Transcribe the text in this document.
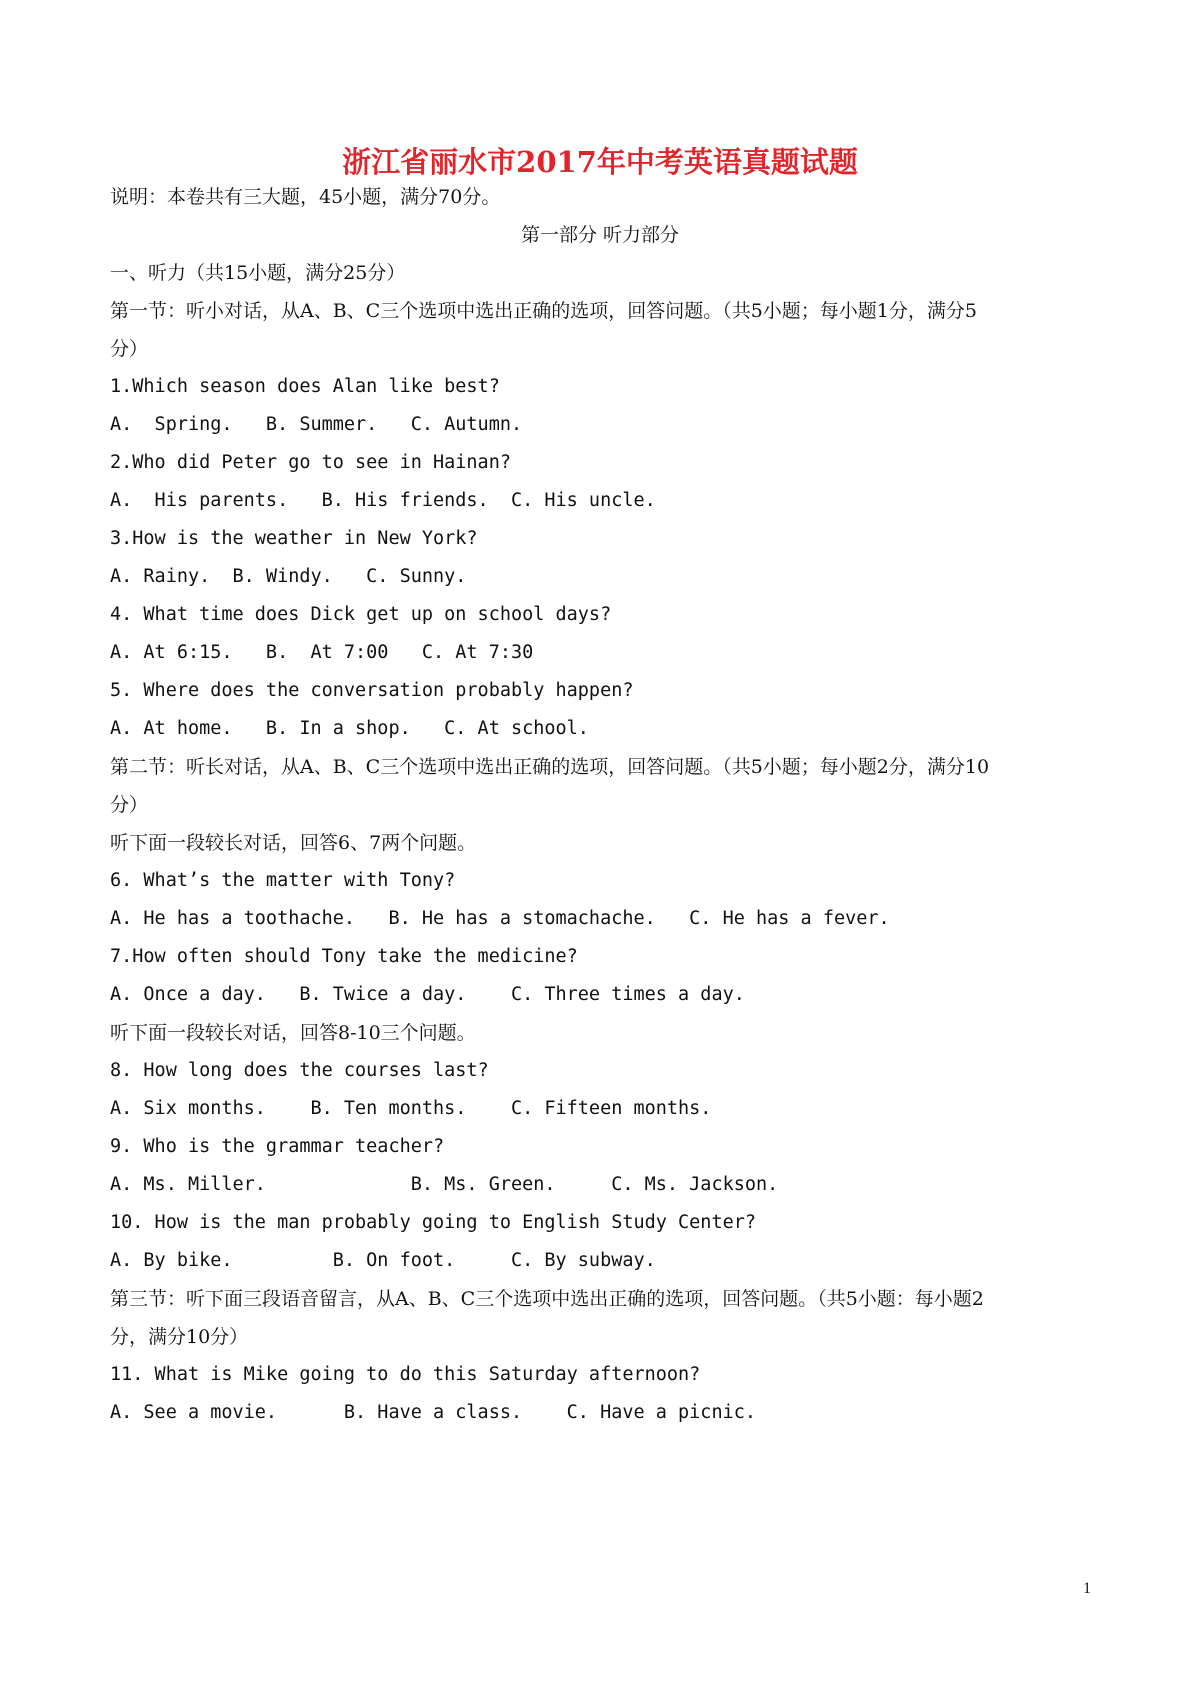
浙江省丽水市2017年中考英语真题试题
说明：本卷共有三大题，45小题，满分70分。
第一部分 听力部分
一、听力（共15小题，满分25分）
第一节：听小对话，从A、B、C三个选项中选出正确的选项，回答问题。（共5小题；每小题1分，满分5
分）
1.Which season does Alan like best?
A.  Spring.   B. Summer.   C. Autumn.
2.Who did Peter go to see in Hainan?
A.  His parents.   B. His friends.  C. His uncle.
3.How is the weather in New York?
A. Rainy.  B. Windy.   C. Sunny.
4. What time does Dick get up on school days?
A. At 6:15.   B.  At 7:00   C. At 7:30
5. Where does the conversation probably happen?
A. At home.   B. In a shop.   C. At school.
第二节：听长对话，从A、B、C三个选项中选出正确的选项，回答问题。（共5小题；每小题2分，满分10
分）
听下面一段较长对话，回答6、7两个问题。
6. What’s the matter with Tony?
A. He has a toothache.   B. He has a stomachache.   C. He has a fever.
7.How often should Tony take the medicine?
A. Once a day.   B. Twice a day.    C. Three times a day.
听下面一段较长对话，回答8-10三个问题。
8. How long does the courses last?
A. Six months.    B. Ten months.    C. Fifteen months.
9. Who is the grammar teacher?
A. Ms. Miller.             B. Ms. Green.     C. Ms. Jackson.
10. How is the man probably going to English Study Center?
A. By bike.         B. On foot.     C. By subway.
第三节：听下面三段语音留言，从A、B、C三个选项中选出正确的选项，回答问题。（共5小题：每小题2
分，满分10分）
11. What is Mike going to do this Saturday afternoon?
A. See a movie.      B. Have a class.    C. Have a picnic.
1
